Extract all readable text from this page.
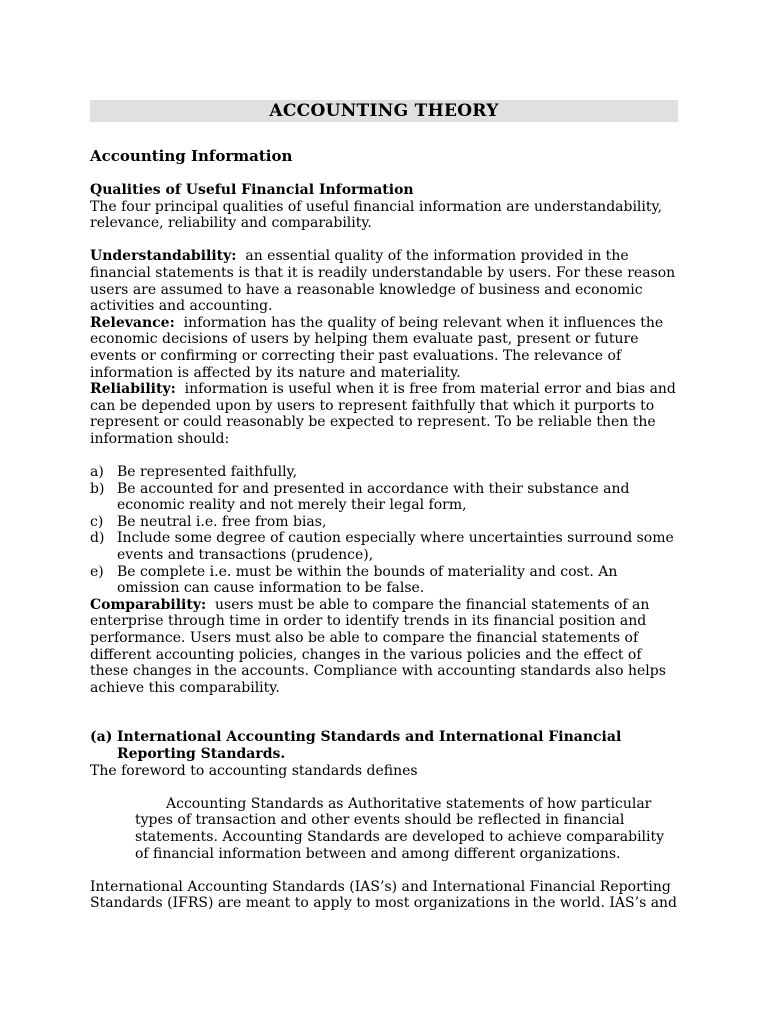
ACCOUNTING THEORY
Accounting Information
Qualities of Useful Financial Information

The four principal qualities of useful financial information are understandability, relevance, reliability and comparability.

Understandability: an essential quality of the information provided in the financial statements is that it is readily understandable by users. For these reason users are assumed to have a reasonable knowledge of business and economic activities and accounting.

Relevance: information has the quality of being relevant when it influences the economic decisions of users by helping them evaluate past, present or future events or confirming or correcting their past evaluations. The relevance of information is affected by its nature and materiality.

Reliability: information is useful when it is free from material error and bias and can be depended upon by users to represent faithfully that which it purports to represent or could reasonably be expected to represent. To be reliable then the information should:

a) Be represented faithfully,
b) Be accounted for and presented in accordance with their substance and economic reality and not merely their legal form,
c) Be neutral i.e. free from bias,
d) Include some degree of caution especially where uncertainties surround some events and transactions (prudence),
e) Be complete i.e. must be within the bounds of materiality and cost. An omission can cause information to be false.

Comparability: users must be able to compare the financial statements of an enterprise through time in order to identify trends in its financial position and performance. Users must also be able to compare the financial statements of different accounting policies, changes in the various policies and the effect of these changes in the accounts. Compliance with accounting standards also helps achieve this comparability.

(a) International Accounting Standards and International Financial Reporting Standards.

The foreword to accounting standards defines

Accounting Standards as Authoritative statements of how particular types of transaction and other events should be reflected in financial statements. Accounting Standards are developed to achieve comparability of financial information between and among different organizations.

International Accounting Standards (IAS’s) and International Financial Reporting Standards (IFRS) are meant to apply to most organizations in the world. IAS’s and
